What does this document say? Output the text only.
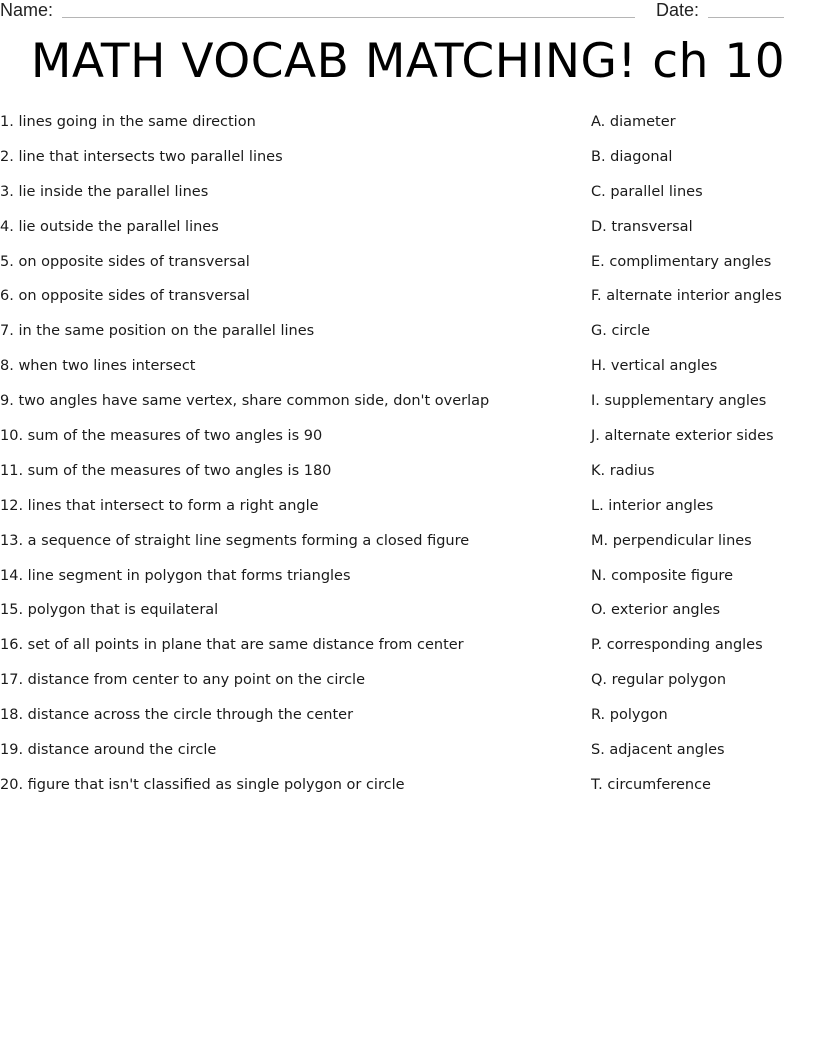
Name:	Date:
MATH VOCAB MATCHING! ch 10
1. lines going in the same direction
2. line that intersects two parallel lines
3. lie inside the parallel lines
4. lie outside the parallel lines
5. on opposite sides of transversal
6. on opposite sides of transversal
7. in the same position on the parallel lines
8. when two lines intersect
9. two angles have same vertex, share common side, don't overlap
10. sum of the measures of two angles is 90
11. sum of the measures of two angles is 180
12. lines that intersect to form a right angle
13. a sequence of straight line segments forming a closed figure
14. line segment in polygon that forms triangles
15. polygon that is equilateral
16. set of all points in plane that are same distance from center
17. distance from center to any point on the circle
18. distance across the circle through the center
19. distance around the circle
20. figure that isn't classified as single polygon or circle
A. diameter
B. diagonal
C. parallel lines
D. transversal
E. complimentary angles
F. alternate interior angles
G. circle
H. vertical angles
I. supplementary angles
J. alternate exterior sides
K. radius
L. interior angles
M. perpendicular lines
N. composite figure
O. exterior angles
P. corresponding angles
Q. regular polygon
R. polygon
S. adjacent angles
T. circumference
